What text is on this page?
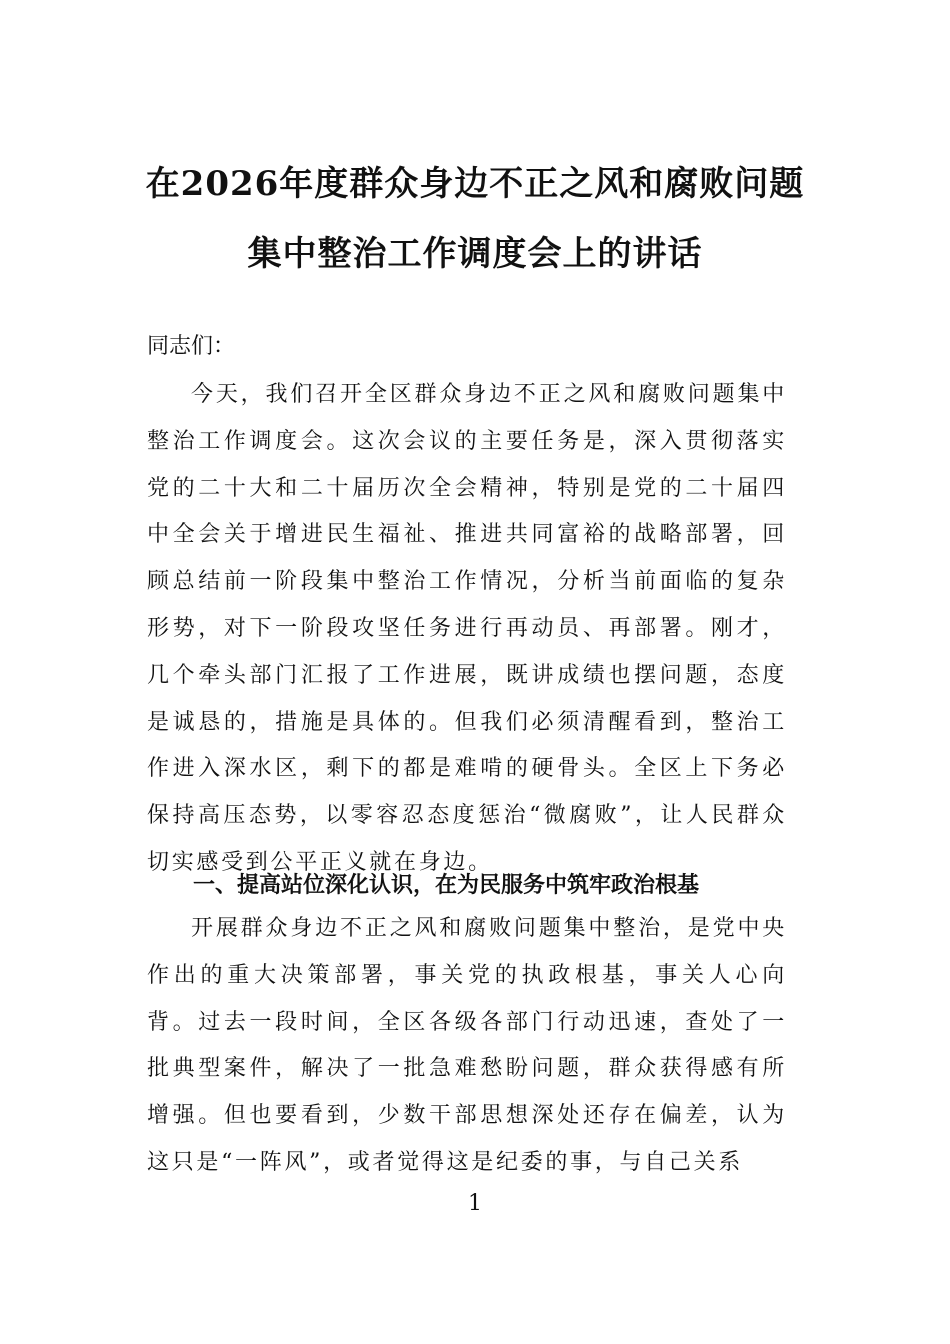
在2026年度群众身边不正之风和腐败问题
集中整治工作调度会上的讲话
同志们：

今天，我们召开全区群众身边不正之风和腐败问题集中整治工作调度会。这次会议的主要任务是，深入贯彻落实党的二十大和二十届历次全会精神，特别是党的二十届四中全会关于增进民生福祉、推进共同富裕的战略部署，回顾总结前一阶段集中整治工作情况，分析当前面临的复杂形势，对下一阶段攻坚任务进行再动员、再部署。刚才，几个牵头部门汇报了工作进展，既讲成绩也摆问题，态度是诚恳的，措施是具体的。但我们必须清醒看到，整治工作进入深水区，剩下的都是难啃的硬骨头。全区上下务必保持高压态势，以零容忍态度惩治“微腐败”，让人民群众切实感受到公平正义就在身边。

一、提高站位深化认识，在为民服务中筑牢政治根基

开展群众身边不正之风和腐败问题集中整治，是党中央作出的重大决策部署，事关党的执政根基，事关人心向背。过去一段时间，全区各级各部门行动迅速，查处了一批典型案件，解决了一批急难愁盼问题，群众获得感有所增强。但也要看到，少数干部思想深处还存在偏差，认为这只是“一阵风”，或者觉得这是纪委的事，与自己关系

1
